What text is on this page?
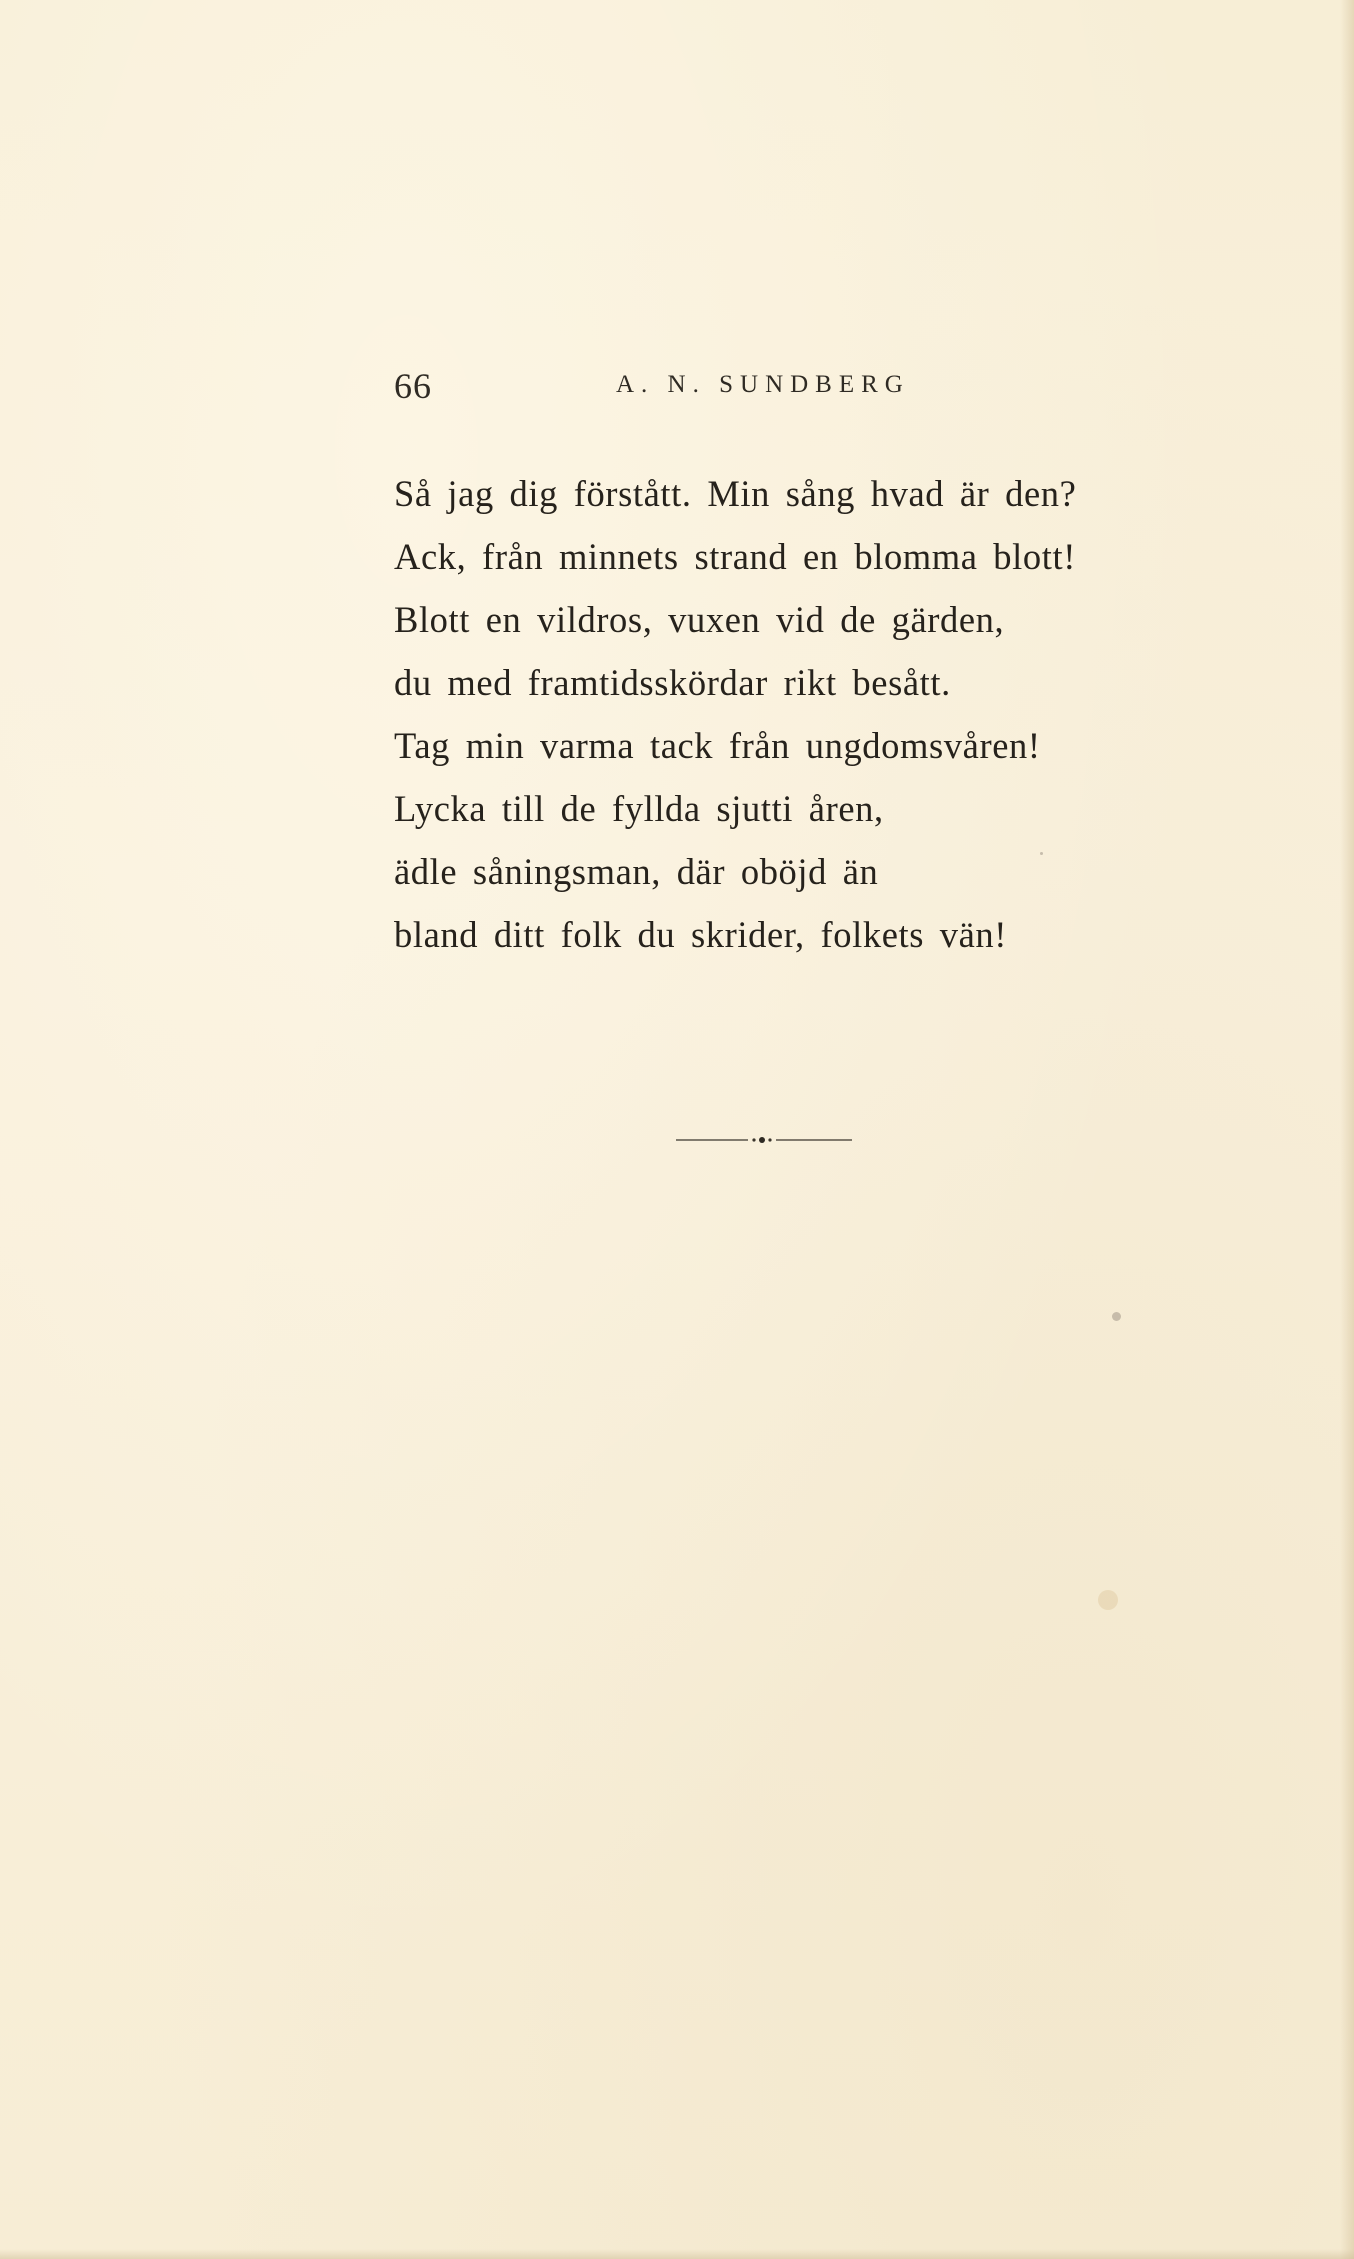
66	A. N. SUNDBERG
Så jag dig förstått. Min sång hvad är den?
Ack, från minnets strand en blomma blott!
Blott en vildros, vuxen vid de gärden,
du med framtidsskördar rikt besått.
Tag min varma tack från ungdomsvåren!
Lycka till de fyllda sjutti åren,
ädle såningsman, där oböjd än
bland ditt folk du skrider, folkets vän!
